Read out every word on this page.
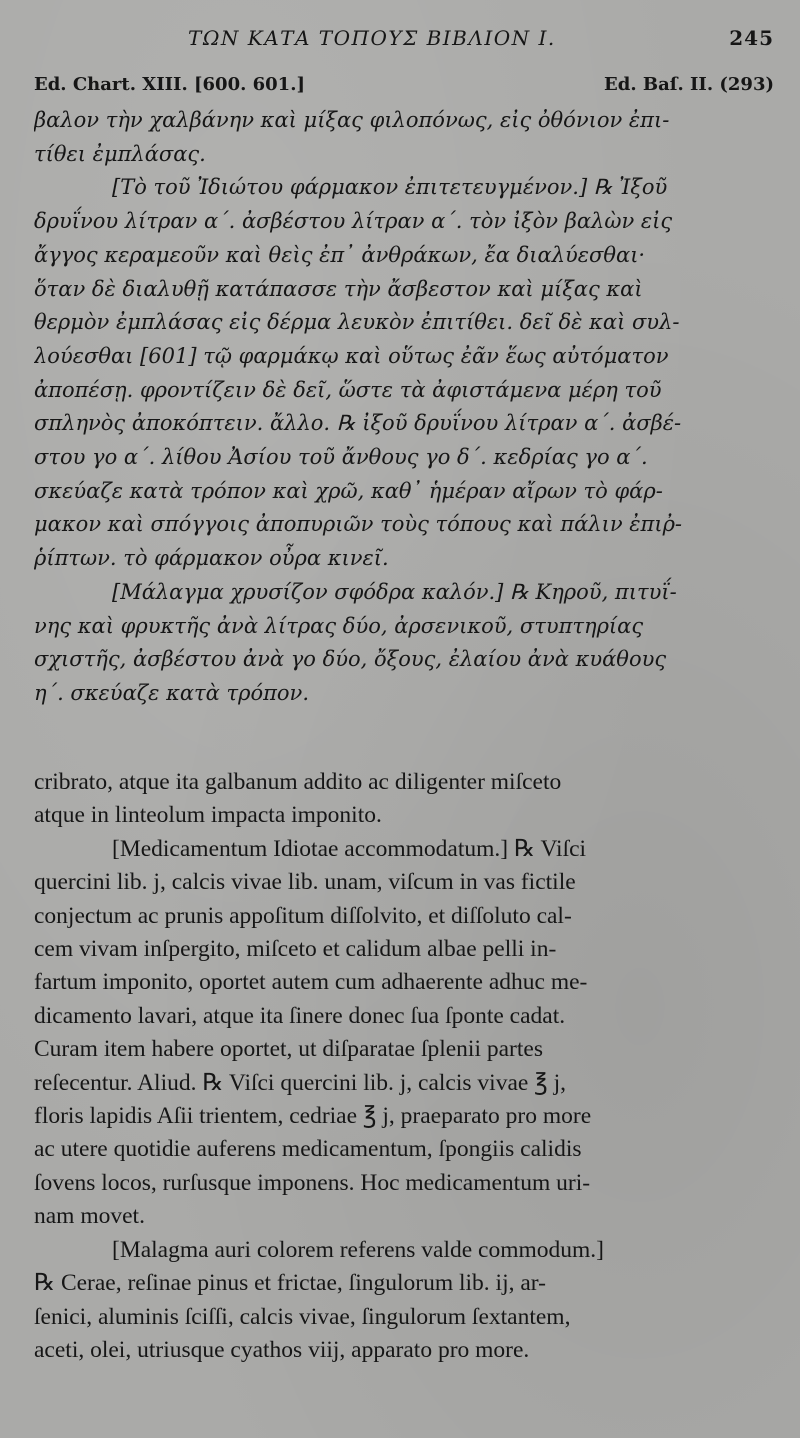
ΤΩΝ ΚΑΤΑ ΤΟΠΟΥΣ ΒΙΒΛΙΟΝ Ι.	245
Ed. Chart. XIII. [600. 601.]	Ed. Baſ. II. (293)
βαλον τὴν χαλβάνην καὶ μίξας φιλοπόνως, εἰς ὀθόνιον ἐπι-
τίθει ἐμπλάσας.
[Τὸ τοῦ Ἰδιώτου φάρμακον ἐπιτετευγμένον.] ℞ Ἰξοῦ
δρυΐνου λίτραν α΄. ἀσβέστου λίτραν α΄. τὸν ἰξὸν βαλὼν εἰς
ἄγγος κεραμεοῦν καὶ θεὶς ἐπ᾽ ἀνθράκων, ἔα διαλύεσθαι·
ὅταν δὲ διαλυθῇ κατάπασσε τὴν ἄσβεστον καὶ μίξας καὶ
θερμὸν ἐμπλάσας εἰς δέρμα λευκὸν ἐπιτίθει. δεῖ δὲ καὶ συλ-
λούεσθαι [601] τῷ φαρμάκῳ καὶ οὕτως ἐᾶν ἕως αὐτόματον
ἀποπέσῃ. φροντίζειν δὲ δεῖ, ὥστε τὰ ἀφιστάμενα μέρη τοῦ
σπληνὸς ἀποκόπτειν. ἄλλο. ℞ ἰξοῦ δρυΐνου λίτραν α΄. ἀσβέ-
στου γο α΄. λίθου Ἀσίου τοῦ ἄνθους γο δ΄. κεδρίας γο α΄.
σκεύαζε κατὰ τρόπον καὶ χρῶ, καθ᾽ ἡμέραν αἴρων τὸ φάρ-
μακον καὶ σπόγγοις ἀποπυριῶν τοὺς τόπους καὶ πάλιν ἐπιῤ-
ῥίπτων. τὸ φάρμακον οὖρα κινεῖ.
[Μάλαγμα χρυσίζον σφόδρα καλόν.] ℞ Κηροῦ, πιτυΐ-
νης καὶ φρυκτῆς ἀνὰ λίτρας δύο, ἀρσενικοῦ, στυπτηρίας
σχιστῆς, ἀσβέστου ἀνὰ γο δύο, ὄξους, ἐλαίου ἀνὰ κυάθους
η΄. σκεύαζε κατὰ τρόπον.
cribrato, atque ita galbanum addito ac diligenter miſceto
atque in linteolum impacta imponito.
[Medicamentum Idiotae accommodatum.] ℞ Viſci
quercini lib. j, calcis vivae lib. unam, viſcum in vas fictile
conjectum ac prunis appoſitum diſſolvito, et diſſoluto cal-
cem vivam inſpergito, miſceto et calidum albae pelli in-
fartum imponito, oportet autem cum adhaerente adhuc me-
dicamento lavari, atque ita ſinere donec ſua ſponte cadat.
Curam item habere oportet, ut diſparatae ſplenii partes
reſecentur. Aliud. ℞ Viſci quercini lib. j, calcis vivae ℥ j,
floris lapidis Aſii trientem, cedriae ℥ j, praeparato pro more
ac utere quotidie auferens medicamentum, ſpongiis calidis
ſovens locos, rurſusque imponens. Hoc medicamentum uri-
nam movet.
[Malagma auri colorem referens valde commodum.]
℞ Cerae, reſinae pinus et frictae, ſingulorum lib. ij, ar-
ſenici, aluminis ſciſſi, calcis vivae, ſingulorum ſextantem,
aceti, olei, utriusque cyathos viij, apparato pro more.
